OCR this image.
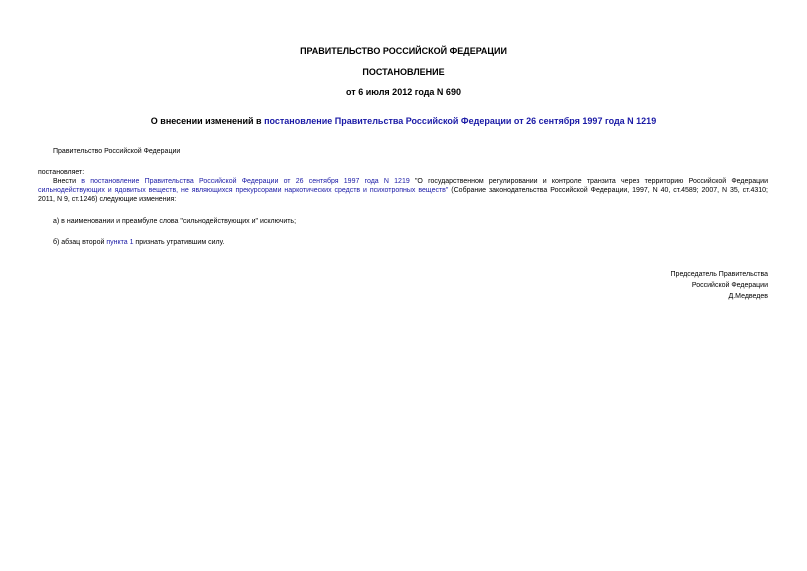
ПРАВИТЕЛЬСТВО РОССИЙСКОЙ ФЕДЕРАЦИИ
ПОСТАНОВЛЕНИЕ
от 6 июля 2012 года N 690
О внесении изменений в постановление Правительства Российской Федерации от 26 сентября 1997 года N 1219
Правительство Российской Федерации
постановляет:
Внести в постановление Правительства Российской Федерации от 26 сентября 1997 года N 1219 "О государственном регулировании и контроле транзита через территорию Российской Федерации
сильнодействующих и ядовитых веществ, не являющихся прекурсорами наркотических средств и психотропных веществ" (Собрание законодательства Российской Федерации, 1997, N 40, ст.4589; 2007, N 35, ст.4310;
2011, N 9, ст.1246) следующие изменения:
а) в наименовании и преамбуле слова "сильнодействующих и" исключить;
б) абзац второй пункта 1 признать утратившим силу.
Председатель Правительства
Российской Федерации
Д.Медведев
